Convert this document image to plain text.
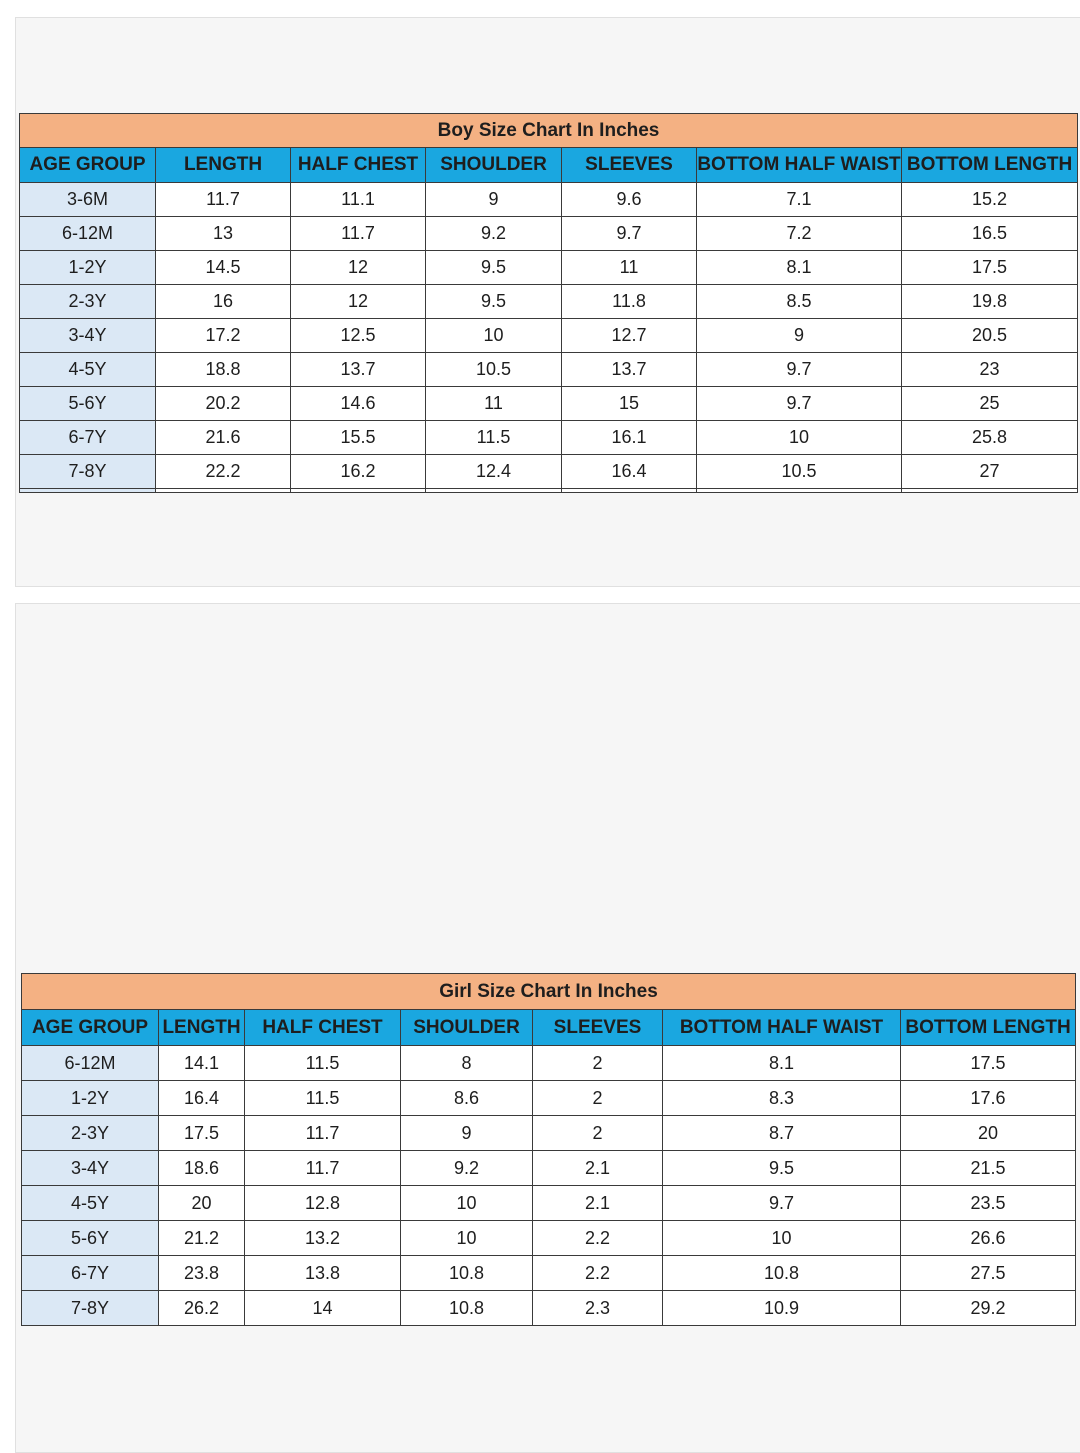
Boy Size Chart In Inches						
AGE GROUP	LENGTH	HALF CHEST	SHOULDER	SLEEVES	BOTTOM HALF WAIST	BOTTOM LENGTH
3-6M	11.7	11.1	9	9.6	7.1	15.2
6-12M	13	11.7	9.2	9.7	7.2	16.5
1-2Y	14.5	12	9.5	11	8.1	17.5
2-3Y	16	12	9.5	11.8	8.5	19.8
3-4Y	17.2	12.5	10	12.7	9	20.5
4-5Y	18.8	13.7	10.5	13.7	9.7	23
5-6Y	20.2	14.6	11	15	9.7	25
6-7Y	21.6	15.5	11.5	16.1	10	25.8
7-8Y	22.2	16.2	12.4	16.4	10.5	27

Girl Size Chart In Inches						
AGE GROUP	LENGTH	HALF CHEST	SHOULDER	SLEEVES	BOTTOM HALF WAIST	BOTTOM LENGTH
6-12M	14.1	11.5	8	2	8.1	17.5
1-2Y	16.4	11.5	8.6	2	8.3	17.6
2-3Y	17.5	11.7	9	2	8.7	20
3-4Y	18.6	11.7	9.2	2.1	9.5	21.5
4-5Y	20	12.8	10	2.1	9.7	23.5
5-6Y	21.2	13.2	10	2.2	10	26.6
6-7Y	23.8	13.8	10.8	2.2	10.8	27.5
7-8Y	26.2	14	10.8	2.3	10.9	29.2
